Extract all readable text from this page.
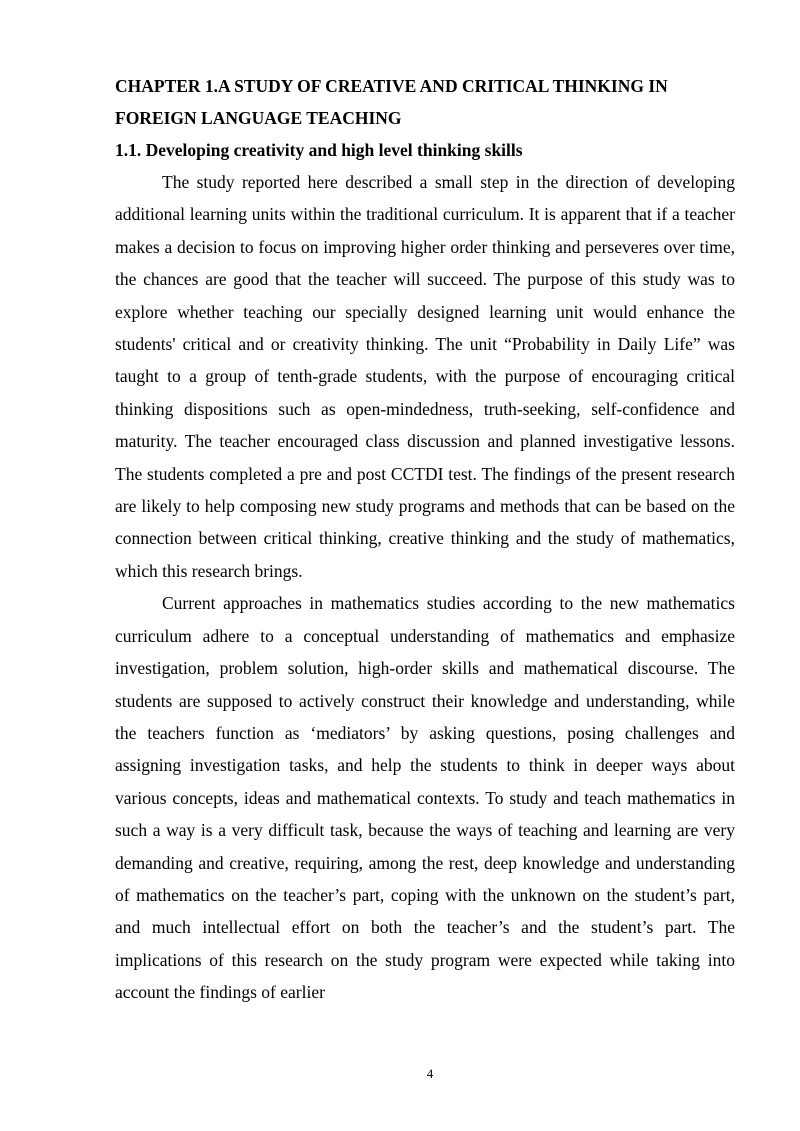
CHAPTER 1.A STUDY OF CREATIVE AND CRITICAL THINKING IN FOREIGN LANGUAGE TEACHING
1.1. Developing creativity and high level thinking skills

The study reported here described a small step in the direction of developing additional learning units within the traditional curriculum. It is apparent that if a teacher makes a decision to focus on improving higher order thinking and perseveres over time, the chances are good that the teacher will succeed. The purpose of this study was to explore whether teaching our specially designed learning unit would enhance the students' critical and or creativity thinking. The unit “Probability in Daily Life” was taught to a group of tenth-grade students, with the purpose of encouraging critical thinking dispositions such as open-mindedness, truth-seeking, self-confidence and maturity. The teacher encouraged class discussion and planned investigative lessons. The students completed a pre and post CCTDI test. The findings of the present research are likely to help composing new study programs and methods that can be based on the connection between critical thinking, creative thinking and the study of mathematics, which this research brings.

Current approaches in mathematics studies according to the new mathematics curriculum adhere to a conceptual understanding of mathematics and emphasize investigation, problem solution, high-order skills and mathematical discourse. The students are supposed to actively construct their knowledge and understanding, while the teachers function as ‘mediators’ by asking questions, posing challenges and assigning investigation tasks, and help the students to think in deeper ways about various concepts, ideas and mathematical contexts. To study and teach mathematics in such a way is a very difficult task, because the ways of teaching and learning are very demanding and creative, requiring, among the rest, deep knowledge and understanding of mathematics on the teacher’s part, coping with the unknown on the student’s part, and much intellectual effort on both the teacher’s and the student’s part. The implications of this research on the study program were expected while taking into account the findings of earlier

4
